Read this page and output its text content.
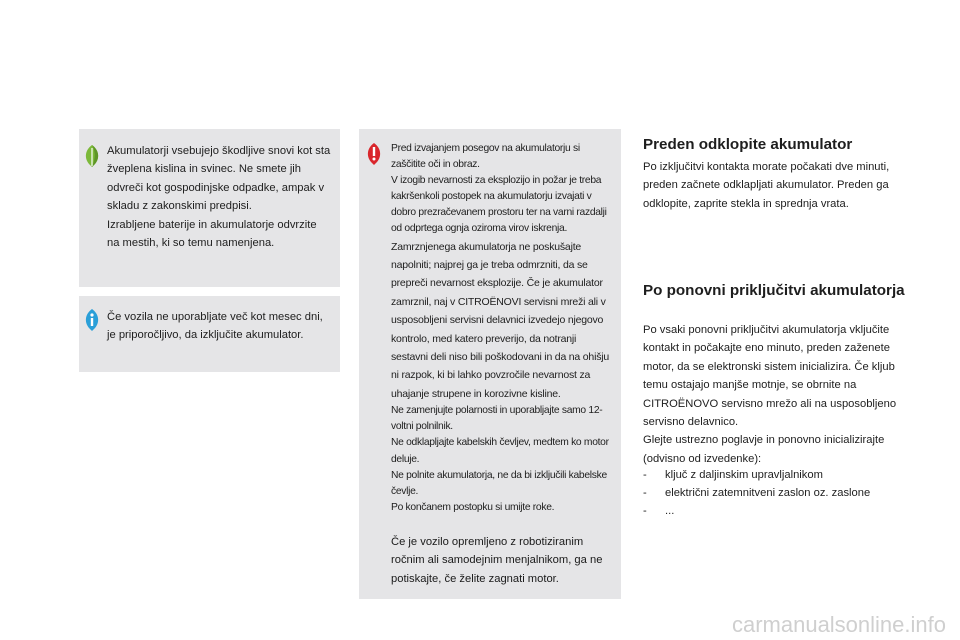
Akumulatorji vsebujejo škodljive snovi kot sta žveplena kislina in svinec. Ne smete jih odvreči kot gospodinjske odpadke, ampak v skladu z zakonskimi predpisi.
Izrabljene baterije in akumulatorje odvrzite na mestih, ki so temu namenjena.
Če vozila ne uporabljate več kot mesec dni, je priporočljivo, da izključite akumulator.

Pred izvajanjem posegov na akumulatorju si zaščitite oči in obraz.
V izogib nevarnosti za eksplozijo in požar je treba kakršenkoli postopek na akumulatorju izvajati v dobro prezračevanem prostoru ter na varni razdalji od odprtega ognja oziroma virov iskrenja.

Zamrznjenega akumulatorja ne poskušajte napolniti; najprej ga je treba odmrzniti, da se prepreči nevarnost eksplozije. Če je akumulator zamrznil, naj v CITROËNOVI servisni mreži ali v usposobljeni servisni delavnici izvedejo njegovo kontrolo, med katero preverijo, da notranji sestavni deli niso bili poškodovani in da na ohišju ni razpok, ki bi lahko povzročile nevarnost za uhajanje strupene in korozivne kisline.

Ne zamenjujte polarnosti in uporabljajte samo 12-voltni polnilnik.
Ne odklapljajte kabelskih čevljev, medtem ko motor deluje.
Ne polnite akumulatorja, ne da bi izključili kabelske čevlje.
Po končanem postopku si umijte roke.

Če je vozilo opremljeno z robotiziranim ročnim ali samodejnim menjalnikom, ga ne potiskajte, če želite zagnati motor.
Preden odklopite akumulator
Po izključitvi kontakta morate počakati dve minuti, preden začnete odklapljati akumulator. Preden ga odklopite, zaprite stekla in sprednja vrata.
Po ponovni priključitvi akumulatorja
Po vsaki ponovni priključitvi akumulatorja vključite kontakt in počakajte eno minuto, preden zaženete motor, da se elektronski sistem inicializira. Če kljub temu ostajajo manjše motnje, se obrnite na CITROËNOVO servisno mrežo ali na usposobljeno servisno delavnico.
Glejte ustrezno poglavje in ponovno inicializirajte (odvisno od izvedenke):
- ključ z daljinskim upravljalnikom
- električni zatemnitveni zaslon oz. zaslone
- ...
carmanualsonline.info
